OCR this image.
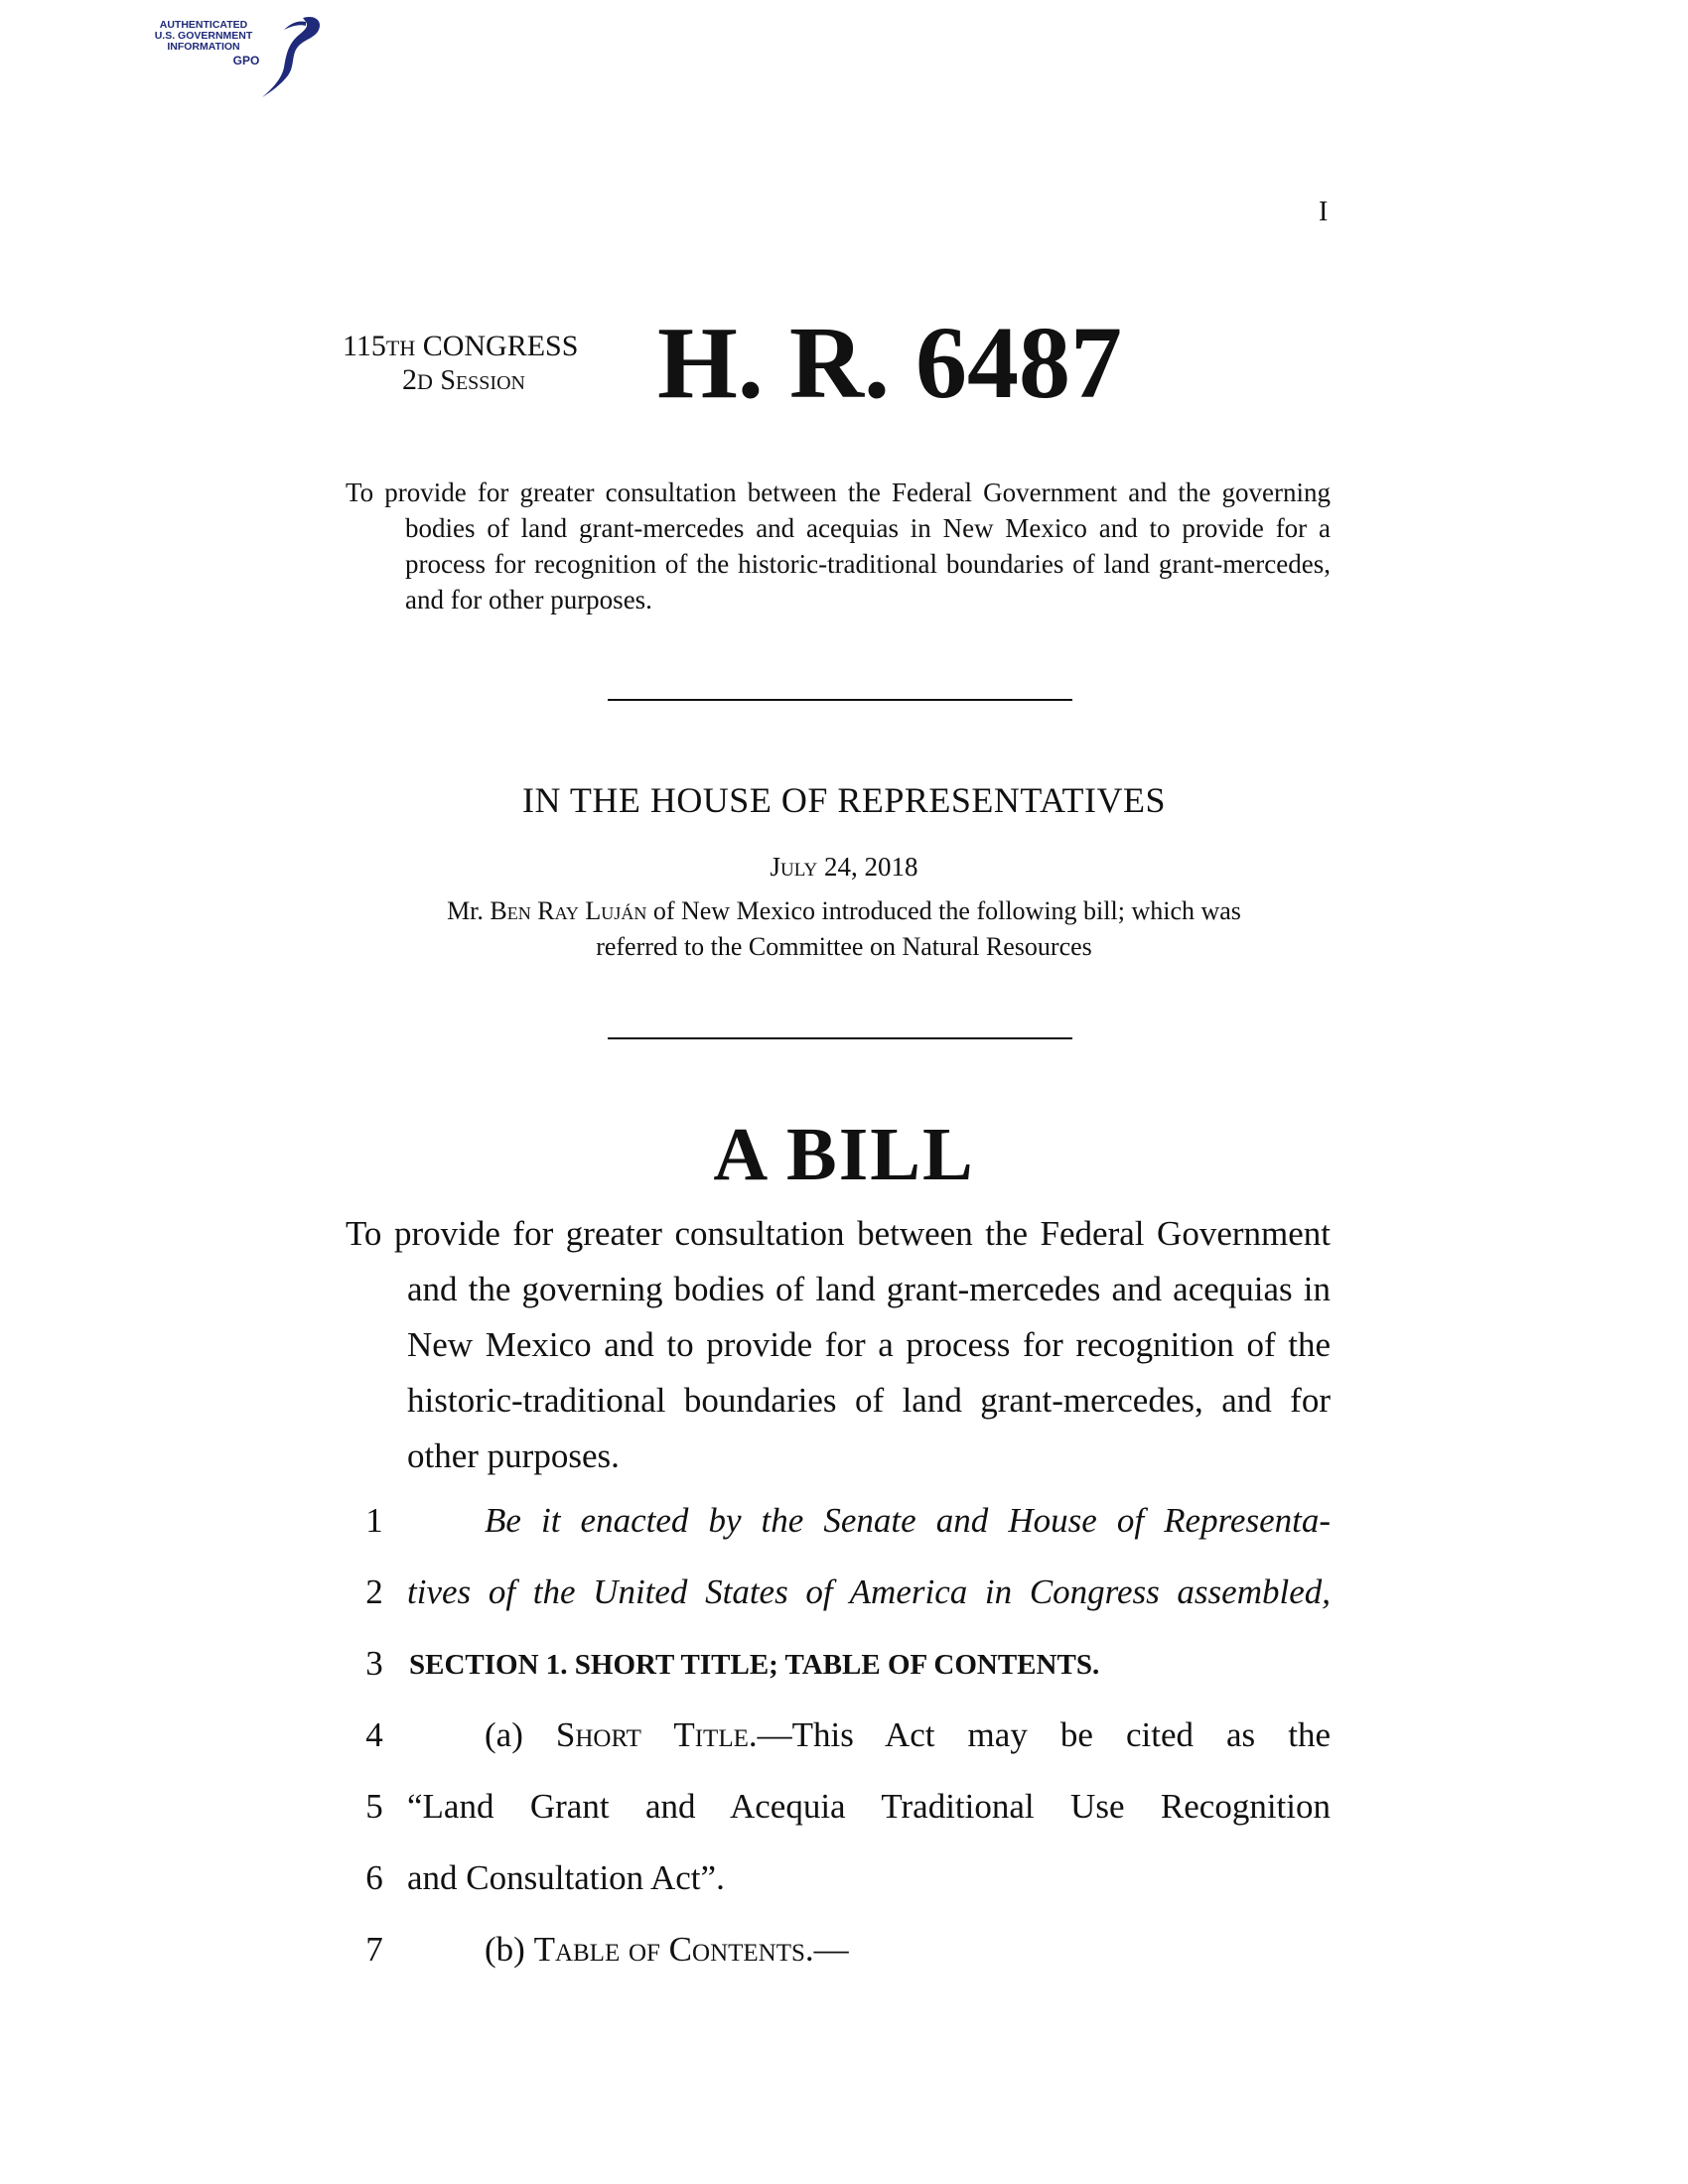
AUTHENTICATED
U.S. GOVERNMENT
INFORMATION
GPO
I
115TH CONGRESS
2D Session H. R. 6487
To provide for greater consultation between the Federal Government and the governing bodies of land grant-mercedes and acequias in New Mexico and to provide for a process for recognition of the historic-traditional boundaries of land grant-mercedes, and for other purposes.
IN THE HOUSE OF REPRESENTATIVES
July 24, 2018
Mr. Ben Ray Luján of New Mexico introduced the following bill; which was
referred to the Committee on Natural Resources
A BILL
To provide for greater consultation between the Federal Government and the governing bodies of land grant-mercedes and acequias in New Mexico and to provide for a process for recognition of the historic-traditional boundaries of land grant-mercedes, and for other purposes.
1	Be it enacted by the Senate and House of Representa-
2 tives of the United States of America in Congress assembled,
3 SECTION 1. SHORT TITLE; TABLE OF CONTENTS.
4	(a) Short Title.—This Act may be cited as the
5 “Land Grant and Acequia Traditional Use Recognition
6 and Consultation Act”.
7	(b) Table of Contents.—
